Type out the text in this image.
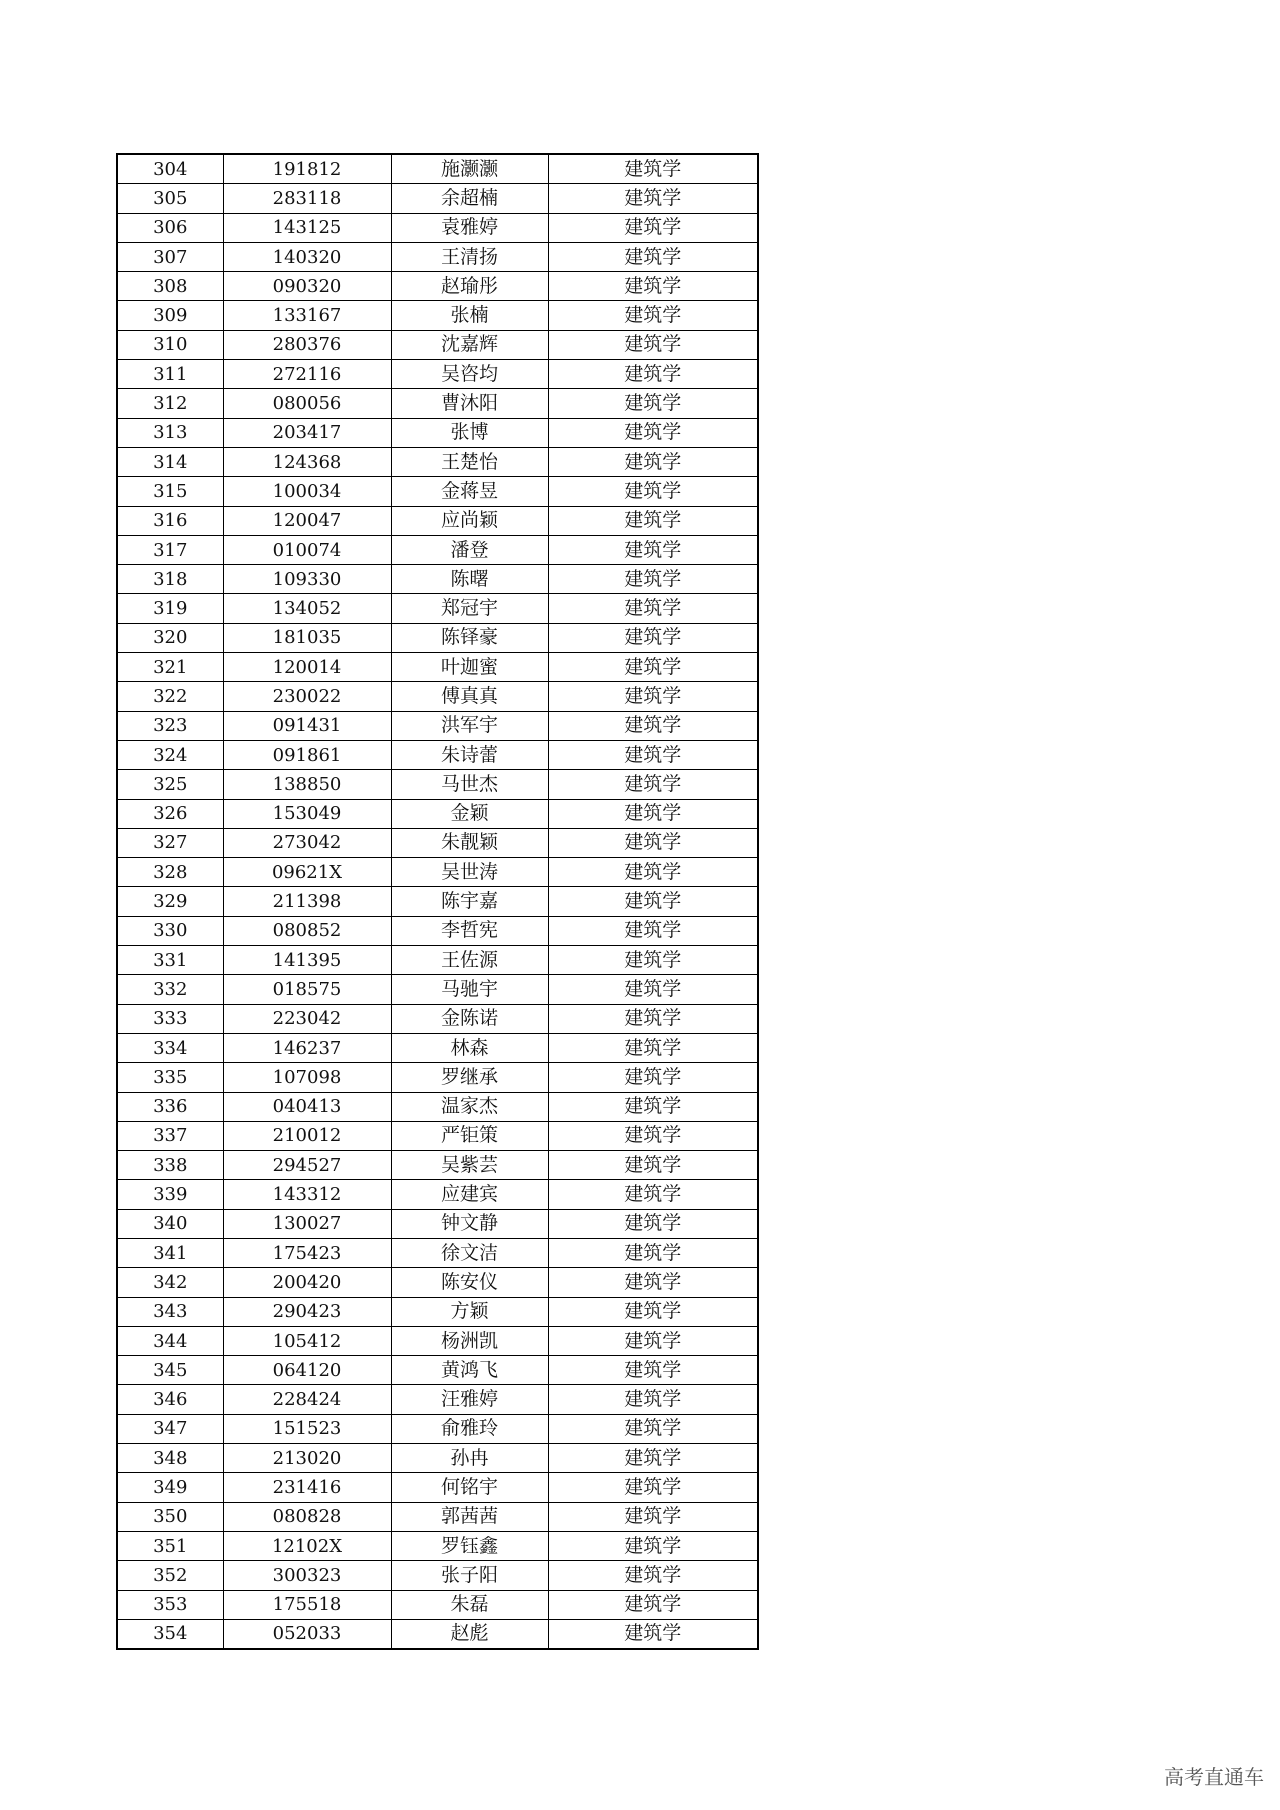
304	191812	施灏灏	建筑学
305	283118	余超楠	建筑学
306	143125	袁雅婷	建筑学
307	140320	王清扬	建筑学
308	090320	赵瑜彤	建筑学
309	133167	张楠	建筑学
310	280376	沈嘉辉	建筑学
311	272116	吴咨均	建筑学
312	080056	曹沐阳	建筑学
313	203417	张博	建筑学
314	124368	王楚怡	建筑学
315	100034	金蒋昱	建筑学
316	120047	应尚颖	建筑学
317	010074	潘登	建筑学
318	109330	陈曙	建筑学
319	134052	郑冠宇	建筑学
320	181035	陈铎豪	建筑学
321	120014	叶迦蜜	建筑学
322	230022	傅真真	建筑学
323	091431	洪军宇	建筑学
324	091861	朱诗蕾	建筑学
325	138850	马世杰	建筑学
326	153049	金颖	建筑学
327	273042	朱靓颖	建筑学
328	09621X	吴世涛	建筑学
329	211398	陈宇嘉	建筑学
330	080852	李哲宪	建筑学
331	141395	王佐源	建筑学
332	018575	马驰宇	建筑学
333	223042	金陈诺	建筑学
334	146237	林森	建筑学
335	107098	罗继承	建筑学
336	040413	温家杰	建筑学
337	210012	严钜策	建筑学
338	294527	吴紫芸	建筑学
339	143312	应建宾	建筑学
340	130027	钟文静	建筑学
341	175423	徐文洁	建筑学
342	200420	陈安仪	建筑学
343	290423	方颖	建筑学
344	105412	杨洲凯	建筑学
345	064120	黄鸿飞	建筑学
346	228424	汪雅婷	建筑学
347	151523	俞雅玲	建筑学
348	213020	孙冉	建筑学
349	231416	何铭宇	建筑学
350	080828	郭茜茜	建筑学
351	12102X	罗钰鑫	建筑学
352	300323	张子阳	建筑学
353	175518	朱磊	建筑学
354	052033	赵彪	建筑学
高考直通车
